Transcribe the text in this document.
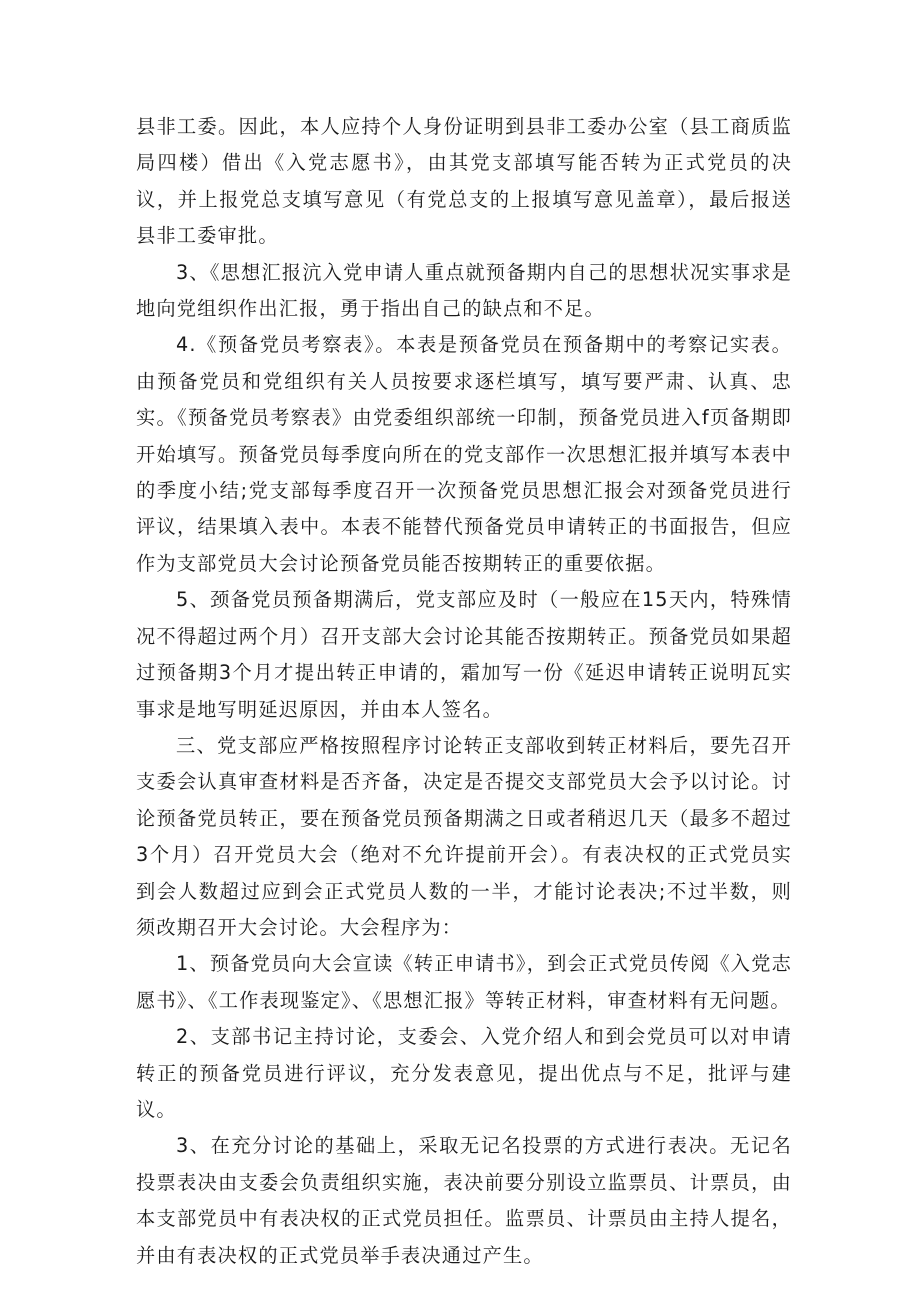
县非工委。因此，本人应持个人身份证明到县非工委办公室（县工商质监局四楼）借出《入党志愿书》，由其党支部填写能否转为正式党员的决议，并上报党总支填写意见（有党总支的上报填写意见盖章），最后报送县非工委审批。

3、《思想汇报沆入党申请人重点就预备期内自己的思想状况实事求是地向党组织作出汇报，勇于指出自己的缺点和不足。

4.《预备党员考察表》。本表是预备党员在预备期中的考察记实表。由预备党员和党组织有关人员按要求逐栏填写，填写要严肃、认真、忠实。《预备党员考察表》由党委组织部统一印制，预备党员进入f页备期即开始填写。预备党员每季度向所在的党支部作一次思想汇报并填写本表中的季度小结;党支部每季度召开一次预备党员思想汇报会对颈备党员进行评议，结果填入表中。本表不能替代预备党员申请转正的书面报告，但应作为支部党员大会讨论预备党员能否按期转正的重要依据。

5、颈备党员预备期满后，党支部应及时（一般应在15天内，特殊情况不得超过两个月）召开支部大会讨论其能否按期转正。预备党员如果超过预备期3个月才提出转正申请的，霜加写一份《延迟申请转正说明瓦实事求是地写明延迟原因，并由本人签名。

三、党支部应严格按照程序讨论转正支部收到转正材料后，要先召开支委会认真审查材料是否齐备，决定是否提交支部党员大会予以讨论。讨论预备党员转正，要在预备党员预备期满之日或者稍迟几天（最多不超过3个月）召开党员大会（绝对不允许提前开会）。有表决权的正式党员实到会人数超过应到会正式党员人数的一半，才能讨论表决;不过半数，则须改期召开大会讨论。大会程序为：

1、预备党员向大会宣读《转正申请书》，到会正式党员传阅《入党志愿书》、《工作表现鉴定》、《思想汇报》等转正材料，审查材料有无问题。

2、支部书记主持讨论，支委会、入党介绍人和到会党员可以对申请转正的预备党员进行评议，充分发表意见，提出优点与不足，批评与建议。

3、在充分讨论的基础上，采取无记名投票的方式进行表决。无记名投票表决由支委会负责组织实施，表决前要分别设立监票员、计票员，由本支部党员中有表决权的正式党员担任。监票员、计票员由主持人提名，并由有表决权的正式党员举手表决通过产生。
